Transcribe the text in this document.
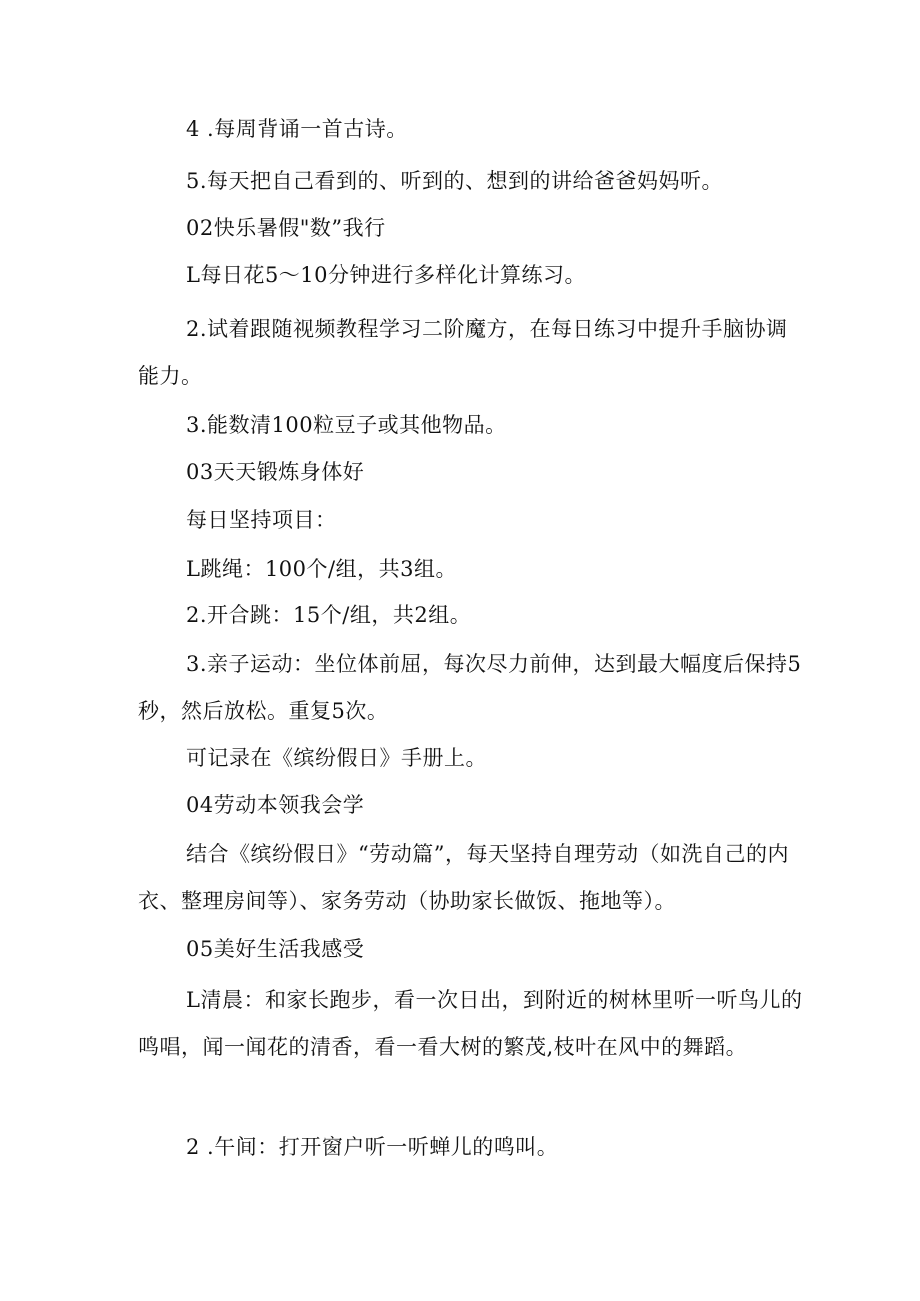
4 .每周背诵一首古诗。

5.每天把自己看到的、听到的、想到的讲给爸爸妈妈听。

02快乐暑假"数”我行

L每日花5～10分钟进行多样化计算练习。

2.试着跟随视频教程学习二阶魔方，在每日练习中提升手脑协调能力。

3.能数清100粒豆子或其他物品。

03天天锻炼身体好

每日坚持项目：

L跳绳：100个/组，共3组。

2.开合跳：15个/组，共2组。

3.亲子运动：坐位体前屈，每次尽力前伸，达到最大幅度后保持5秒，然后放松。重复5次。

可记录在《缤纷假日》手册上。

04劳动本领我会学

结合《缤纷假日》“劳动篇”，每天坚持自理劳动（如洗自己的内衣、整理房间等）、家务劳动（协助家长做饭、拖地等）。

05美好生活我感受

L清晨：和家长跑步，看一次日出，到附近的树林里听一听鸟儿的鸣唱，闻一闻花的清香，看一看大树的繁茂,枝叶在风中的舞蹈。

2 .午间：打开窗户听一听蝉儿的鸣叫。
